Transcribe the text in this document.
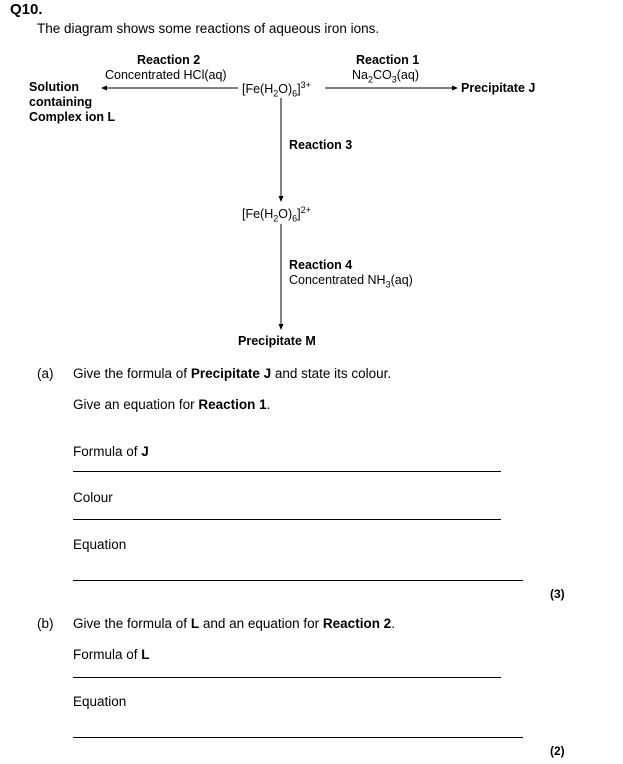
Q10.
The diagram shows some reactions of aqueous iron ions.
Reaction 2
Concentrated HCl(aq)
Reaction 1
$Na_2CO_3(aq)$
Solution
containing
Complex ion L
$[Fe(H_2O)_6]^{3+}$	Precipitate J
Reaction 3
$[Fe(H_2O)_6]^{2+}$
Reaction 4
Concentrated $NH_3(aq)$
Precipitate M
(a) Give the formula of Precipitate J and state its colour.
Give an equation for Reaction 1.
Formula of J
Colour
Equation
(3)
(b) Give the formula of L and an equation for Reaction 2.
Formula of L
Equation
(2)
